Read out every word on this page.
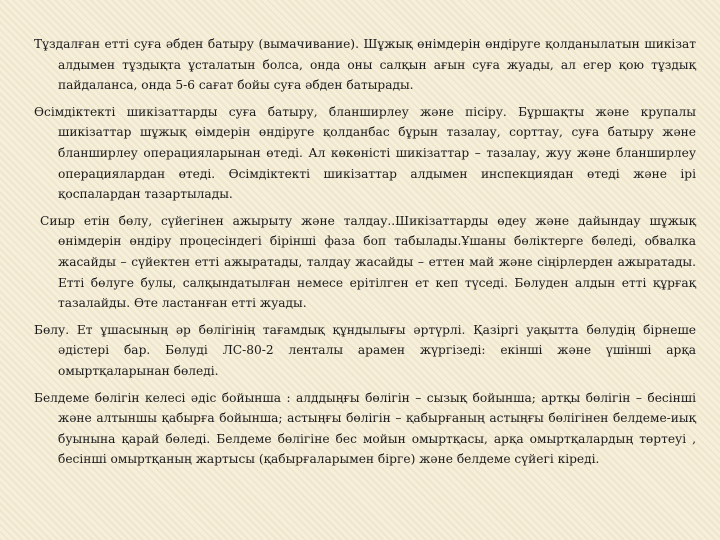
Тұздалған етті суға әбден батыру (вымачивание). Шұжық өнімдерін өндіруге қолданылатын шикізат алдымен тұздықта ұсталатын болса, онда оны салқын ағын суға жуады, ал егер қою тұздық пайдаланса, онда 5-6 сағат бойы суға әбден батырады.

Өсімдіктекті шикізаттарды суға батыру, бланширлеу және пісіру. Бұршақты және крупалы шикізаттар шұжық өімдерін өндіруге қолданбас бұрын тазалау, сорттау, суға батыру және бланширлеу операцияларынан өтеді. Ал көкөністі шикізаттар – тазалау, жуу және бланширлеу операциялардан өтеді. Өсімдіктекті шикізаттар алдымен инспекциядан өтеді және ірі қоспалардан тазартылады.

Сиыр етін бөлу, сүйегінен ажырыту және талдау..Шикізаттарды өдеу және дайындау шұжық өнімдерін өндіру процесіндегі бірінші фаза боп табылады.Ұшаны бөліктерге бөледі, обвалка жасайды – сүйектен етті ажыратады, талдау жасайды – еттен май және сіңірлерден ажыратады. Етті бөлуге булы, салқындатылған немесе ерітілген ет кеп түседі. Бөлуден алдын етті құрғақ тазалайды. Өте ластанған етті жуады.

Бөлу. Ет ұшасының әр бөлігінің тағамдық құндылығы әртүрлі. Қазіргі уақытта бөлудің бірнеше әдістері бар. Бөлуді ЛС-80-2 ленталы арамен жүргізеді: екінші және үшінші арқа омыртқаларынан бөледі.

Белдеме бөлігін келесі әдіс бойынша : алддыңғы бөлігін – сызық бойынша; артқы бөлігін – бесінші және алтыншы қабырға бойынша; астыңғы бөлігін – қабырғаның астыңғы бөлігінен белдеме-иық буынына қарай бөледі. Белдеме бөлігіне бес мойын омыртқасы, арқа омыртқалардың төртеуі , бесінші омыртқаның жартысы (қабырғаларымен бірге) және белдеме сүйегі кіреді.
